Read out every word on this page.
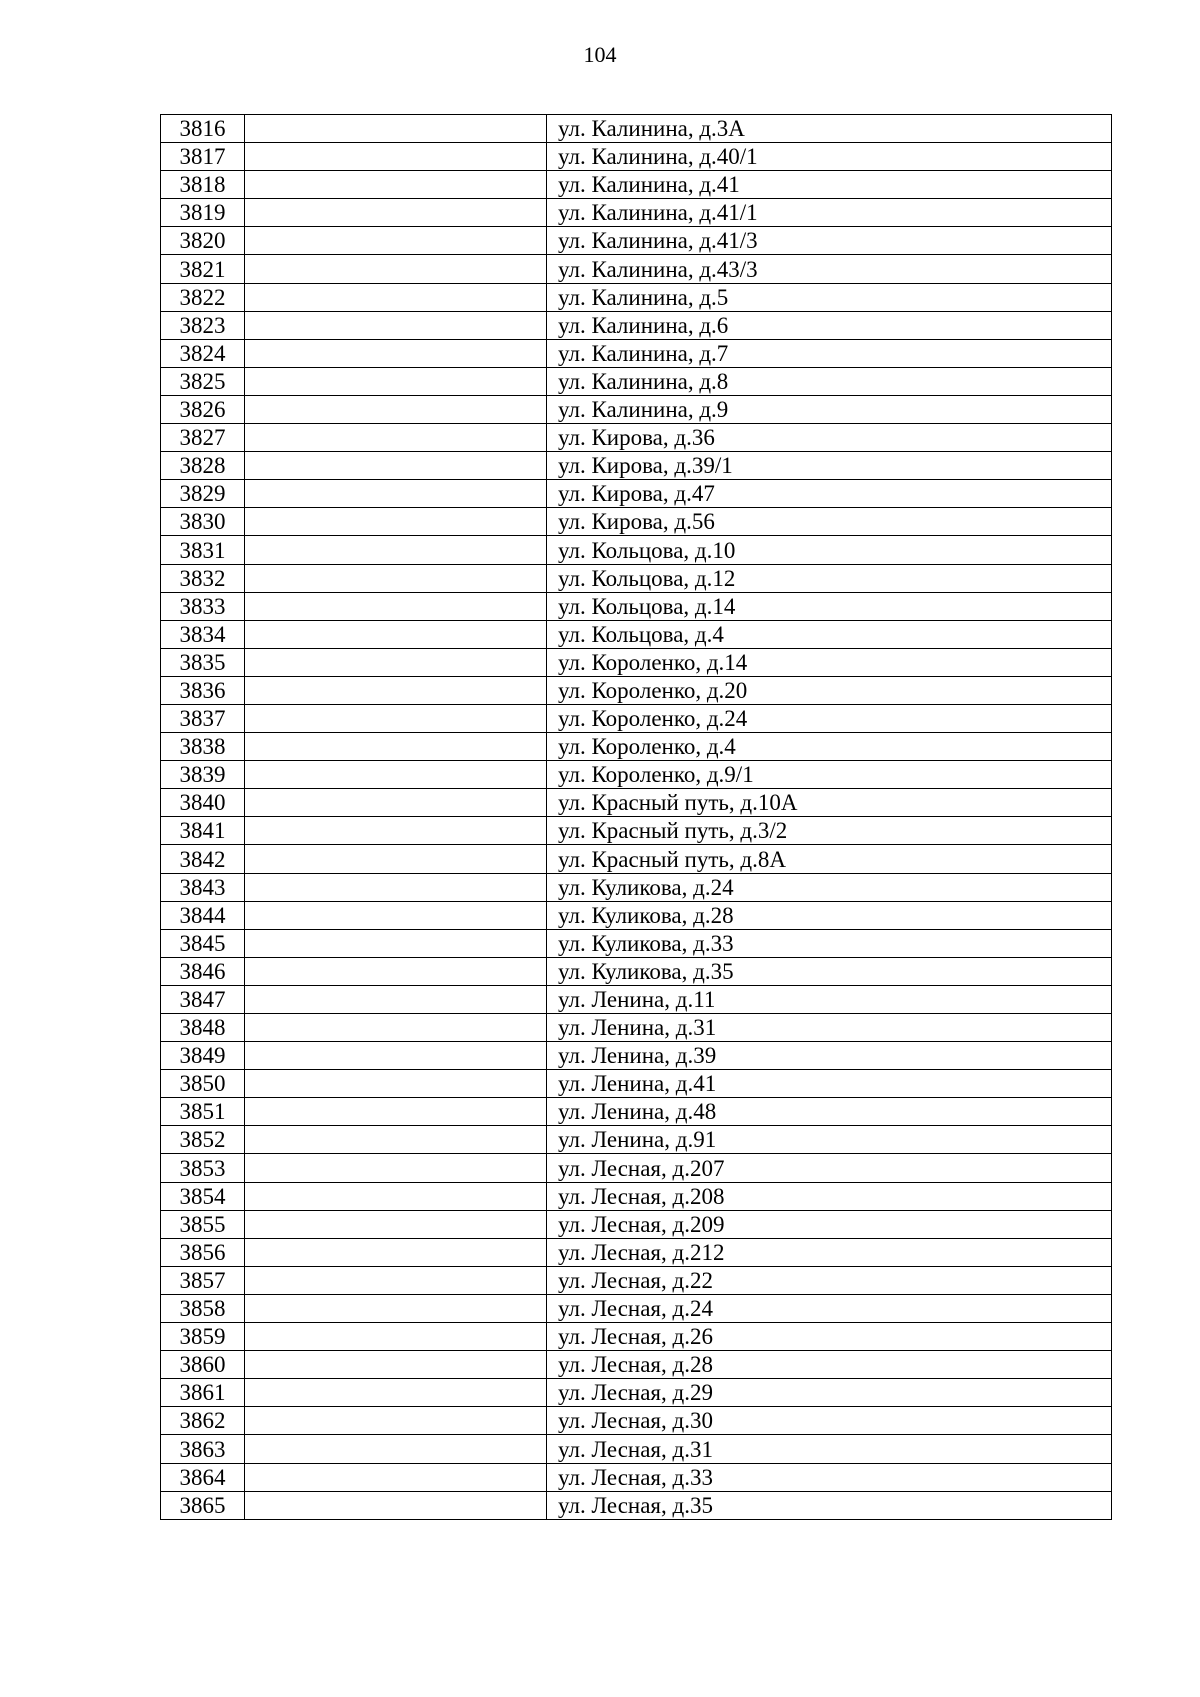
104
3816		ул. Калинина, д.3А
3817		ул. Калинина, д.40/1
3818		ул. Калинина, д.41
3819		ул. Калинина, д.41/1
3820		ул. Калинина, д.41/3
3821		ул. Калинина, д.43/3
3822		ул. Калинина, д.5
3823		ул. Калинина, д.6
3824		ул. Калинина, д.7
3825		ул. Калинина, д.8
3826		ул. Калинина, д.9
3827		ул. Кирова, д.36
3828		ул. Кирова, д.39/1
3829		ул. Кирова, д.47
3830		ул. Кирова, д.56
3831		ул. Кольцова, д.10
3832		ул. Кольцова, д.12
3833		ул. Кольцова, д.14
3834		ул. Кольцова, д.4
3835		ул. Короленко, д.14
3836		ул. Короленко, д.20
3837		ул. Короленко, д.24
3838		ул. Короленко, д.4
3839		ул. Короленко, д.9/1
3840		ул. Красный путь, д.10А
3841		ул. Красный путь, д.3/2
3842		ул. Красный путь, д.8А
3843		ул. Куликова, д.24
3844		ул. Куликова, д.28
3845		ул. Куликова, д.33
3846		ул. Куликова, д.35
3847		ул. Ленина, д.11
3848		ул. Ленина, д.31
3849		ул. Ленина, д.39
3850		ул. Ленина, д.41
3851		ул. Ленина, д.48
3852		ул. Ленина, д.91
3853		ул. Лесная, д.207
3854		ул. Лесная, д.208
3855		ул. Лесная, д.209
3856		ул. Лесная, д.212
3857		ул. Лесная, д.22
3858		ул. Лесная, д.24
3859		ул. Лесная, д.26
3860		ул. Лесная, д.28
3861		ул. Лесная, д.29
3862		ул. Лесная, д.30
3863		ул. Лесная, д.31
3864		ул. Лесная, д.33
3865		ул. Лесная, д.35
